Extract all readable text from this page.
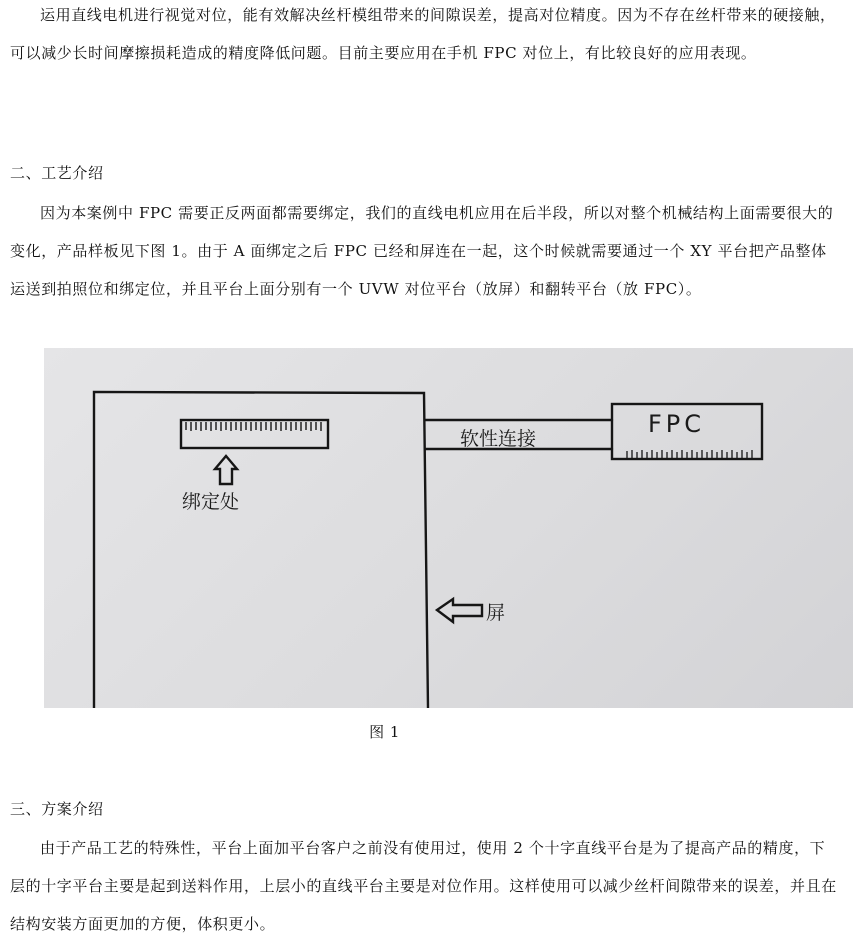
运用直线电机进行视觉对位，能有效解决丝杆模组带来的间隙误差，提高对位精度。因为不存在丝杆带来的硬接触，可以减少长时间摩擦损耗造成的精度降低问题。目前主要应用在手机 FPC 对位上，有比较良好的应用表现。

二、工艺介绍

因为本案例中 FPC 需要正反两面都需要绑定，我们的直线电机应用在后半段，所以对整个机械结构上面需要很大的变化，产品样板见下图 1。由于 A 面绑定之后 FPC 已经和屏连在一起，这个时候就需要通过一个 XY 平台把产品整体运送到拍照位和绑定位，并且平台上面分别有一个 UVW 对位平台（放屏）和翻转平台（放 FPC）。

FPC
软性连接
绑定处
屏
图 1

三、方案介绍

由于产品工艺的特殊性，平台上面加平台客户之前没有使用过，使用 2 个十字直线平台是为了提高产品的精度，下层的十字平台主要是起到送料作用，上层小的直线平台主要是对位作用。这样使用可以减少丝杆间隙带来的误差，并且在结构安装方面更加的方便，体积更小。
